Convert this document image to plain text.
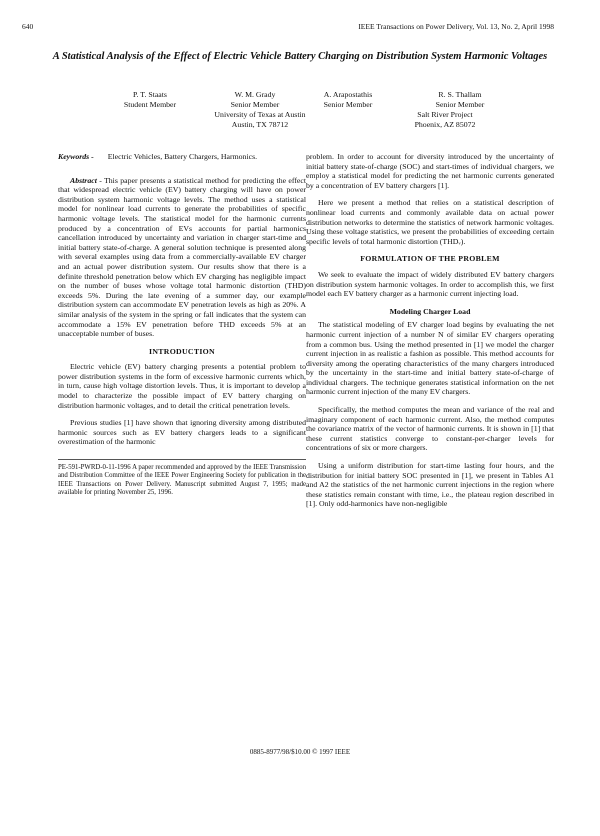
640	IEEE Transactions on Power Delivery, Vol. 13, No. 2, April 1998
A Statistical Analysis of the Effect of Electric Vehicle Battery Charging on Distribution System Harmonic Voltages
P. T. Staats
Student Member
W. M. Grady
Senior Member
A. Arapostathis
Senior Member
R. S. Thallam
Senior Member
University of Texas at Austin
Austin, TX 78712
Salt River Project
Phoenix, AZ 85072
Keywords - Electric Vehicles, Battery Chargers, Harmonics.

Abstract - This paper presents a statistical method for predicting the effect that widespread electric vehicle (EV) battery charging will have on power distribution system harmonic voltage levels. The method uses a statistical model for nonlinear load currents to generate the probabilities of specific harmonic voltage levels. The statistical model for the harmonic currents produced by a concentration of EVs accounts for partial harmonics cancellation introduced by uncertainty and variation in charger start-time and initial battery state-of-charge. A general solution technique is presented along with several examples using data from a commercially-available EV charger and an actual power distribution system. Our results show that there is a definite threshold penetration below which EV charging has negligible impact on the number of buses whose voltage total harmonic distortion (THD) exceeds 5%. During the late evening of a summer day, our example distribution system can accommodate EV penetration levels as high as 20%. A similar analysis of the system in the spring or fall indicates that the system can accommodate a 15% EV penetration before THD exceeds 5% at an unacceptable number of buses.

INTRODUCTION

Electric vehicle (EV) battery charging presents a potential problem to power distribution systems in the form of excessive harmonic currents which, in turn, cause high voltage distortion levels. Thus, it is important to develop a model to characterize the possible impact of EV battery charging on distribution harmonic voltages, and to detail the critical penetration levels.

Previous studies [1] have shown that ignoring diversity among distributed harmonic sources such as EV battery chargers leads to a significant overestimation of the harmonic

PE-591-PWRD-0-11-1996 A paper recommended and approved by the IEEE Transmission and Distribution Committee of the IEEE Power Engineering Society for publication in the IEEE Transactions on Power Delivery. Manuscript submitted August 7, 1995; made available for printing November 25, 1996.

problem. In order to account for diversity introduced by the uncertainty of initial battery state-of-charge (SOC) and start-times of individual chargers, we employ a statistical model for predicting the net harmonic currents generated by a concentration of EV battery chargers [1].

Here we present a method that relies on a statistical description of nonlinear load currents and commonly available data on actual power distribution networks to determine the statistics of network harmonic voltages. Using these voltage statistics, we present the probabilities of exceeding certain specific levels of total harmonic distortion (THDᵥ).

FORMULATION OF THE PROBLEM

We seek to evaluate the impact of widely distributed EV battery chargers on distribution system harmonic voltages. In order to accomplish this, we first model each EV battery charger as a harmonic current injecting load.

Modeling Charger Load

The statistical modeling of EV charger load begins by evaluating the net harmonic current injection of a number N of similar EV chargers operating from a common bus. Using the method presented in [1] we model the charger current injection in as realistic a fashion as possible. This method accounts for diversity among the operating characteristics of the many chargers introduced by the uncertainty in the start-time and initial battery state-of-charge of individual chargers. The technique generates statistical information on the net harmonic current injection of the many EV chargers.

Specifically, the method computes the mean and variance of the real and imaginary component of each harmonic current. Also, the method computes the covariance matrix of the vector of harmonic currents. It is shown in [1] that these current statistics converge to constant-per-charger levels for concentrations of six or more chargers.

Using a uniform distribution for start-time lasting four hours, and the distribution for initial battery SOC presented in [1], we present in Tables A1 and A2 the statistics of the net harmonic current injections in the region where these statistics remain constant with time, i.e., the plateau region described in [1]. Only odd-harmonics have non-negligible

0885-8977/98/$10.00 © 1997 IEEE
